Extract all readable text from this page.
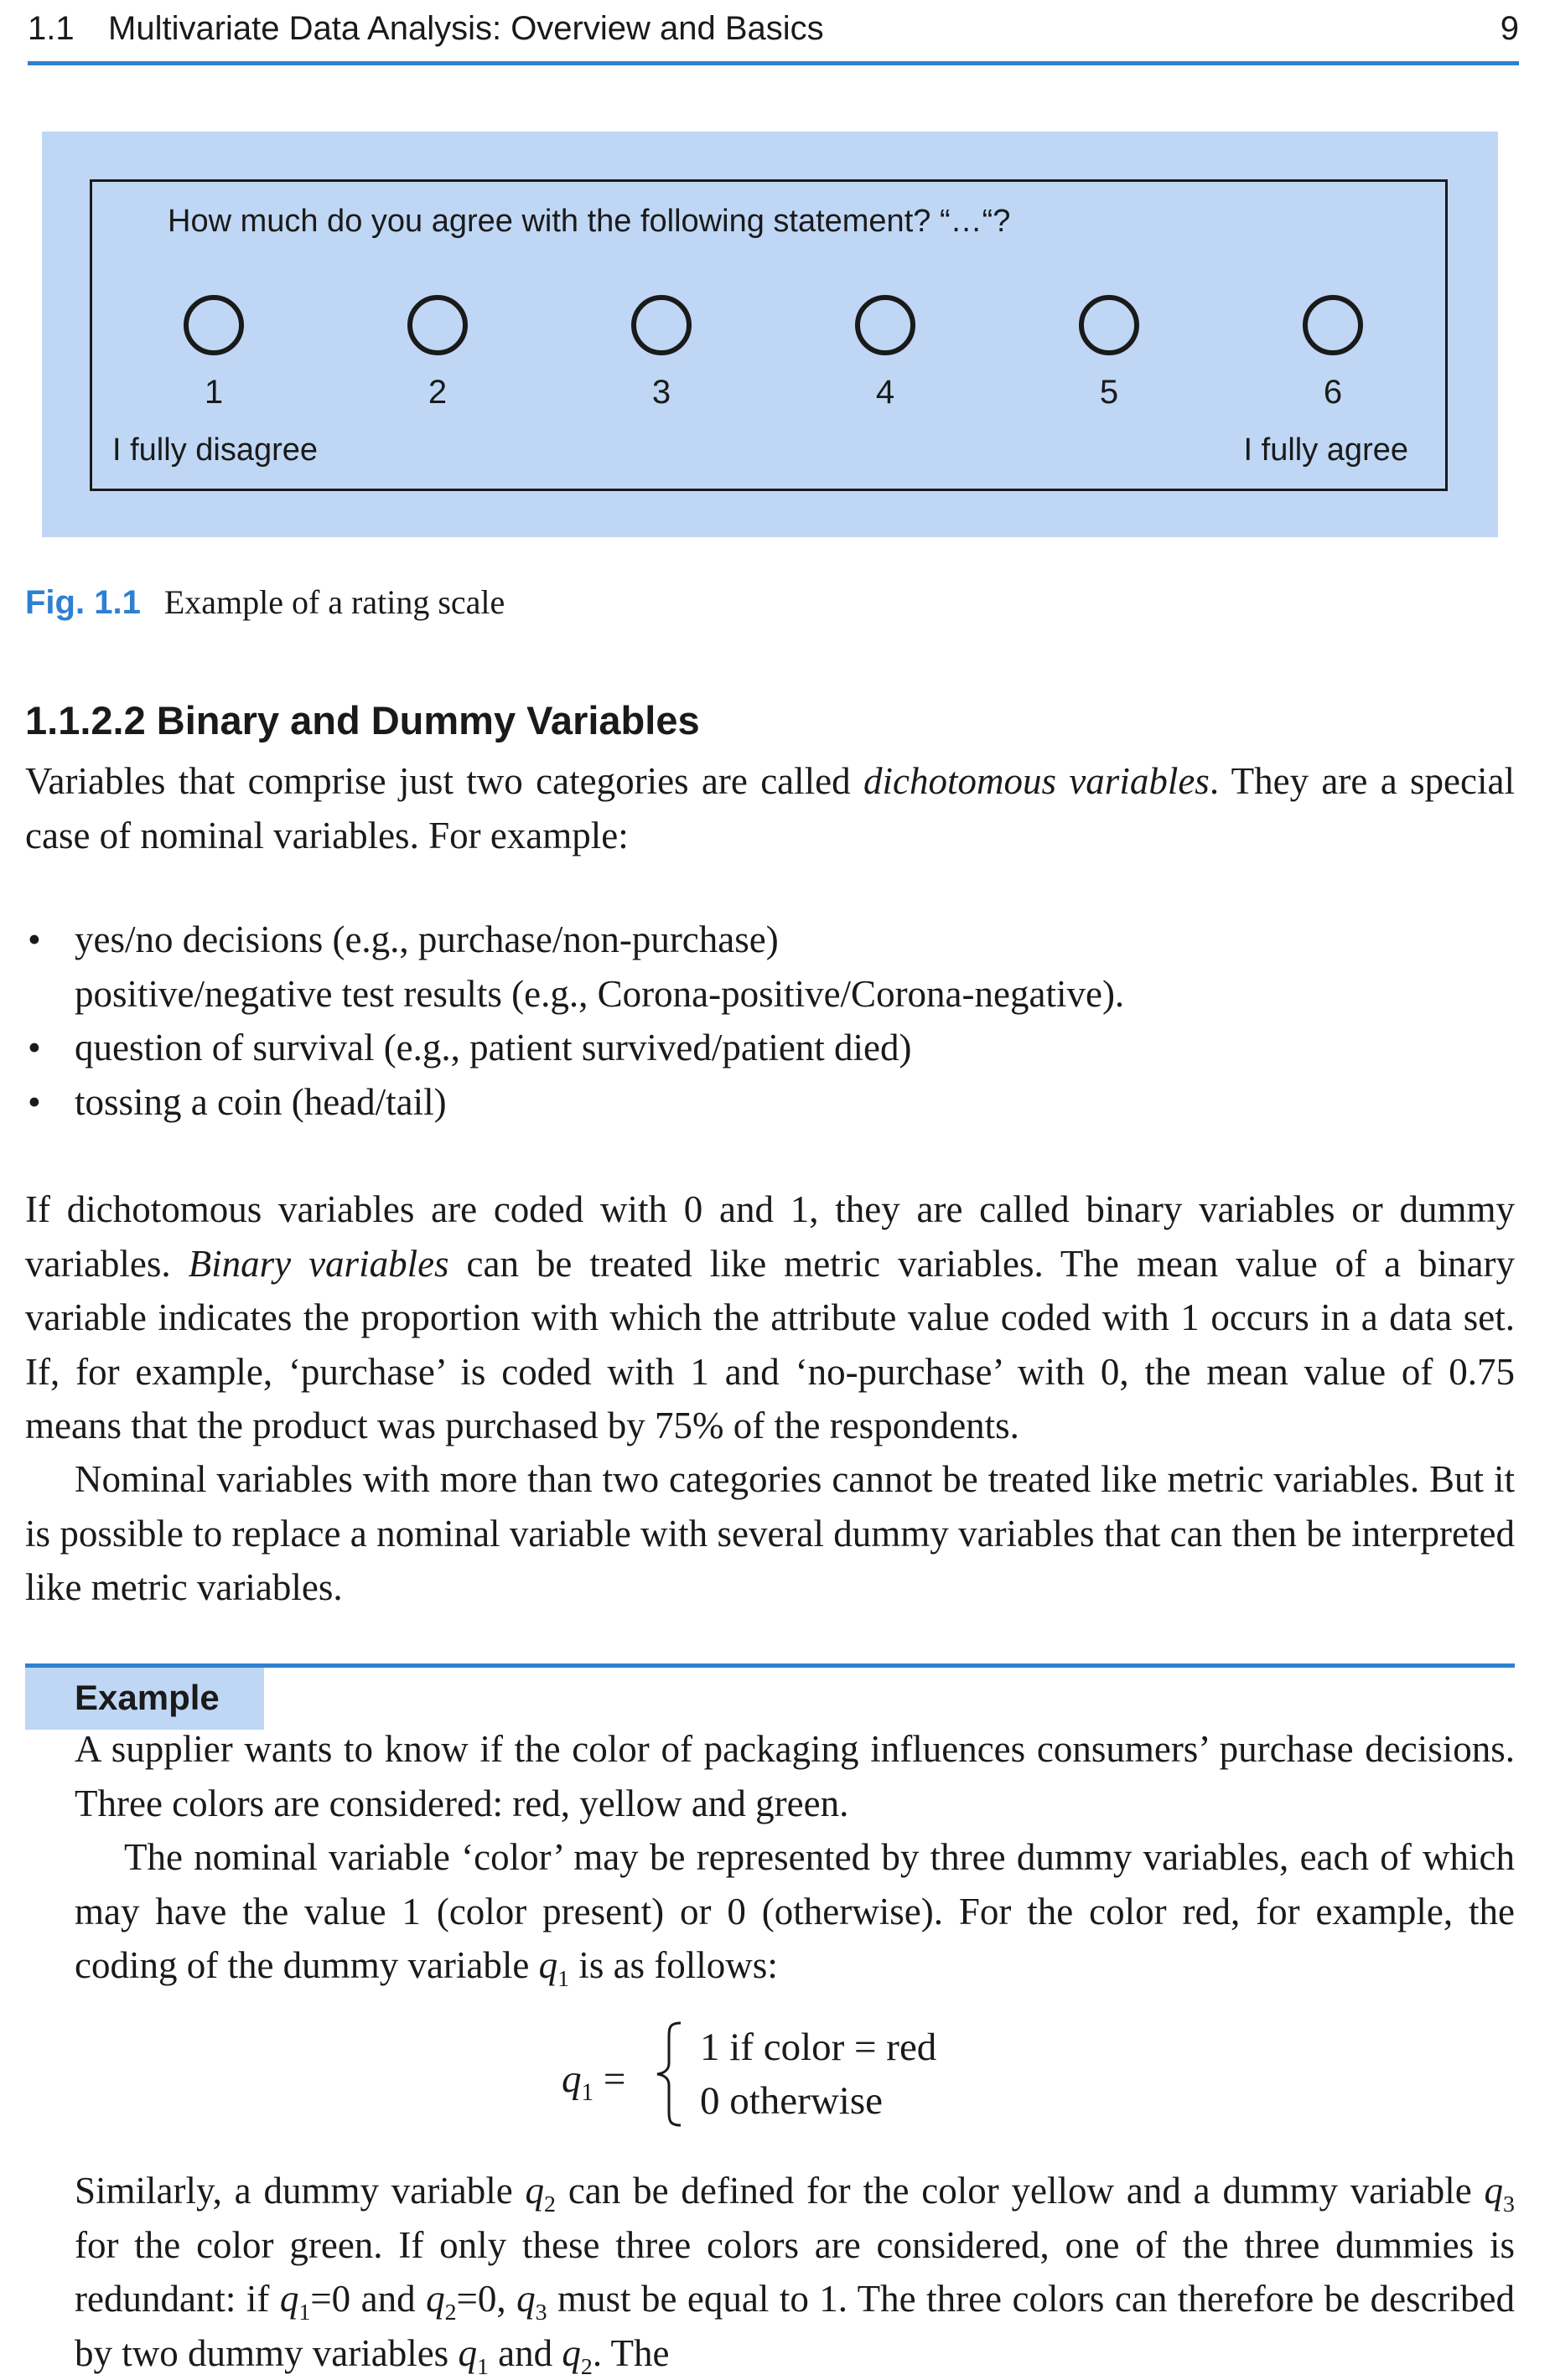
1.1 Multivariate Data Analysis: Overview and Basics	9
How much do you agree with the following statement? “…“?
1	2	3	4	5	6
I fully disagree	I fully agree
Fig. 1.1 Example of a rating scale
1.1.2.2 Binary and Dummy Variables

Variables that comprise just two categories are called dichotomous variables. They are a special case of nominal variables. For example:

• yes/no decisions (e.g., purchase/non-purchase)
positive/negative test results (e.g., Corona-positive/Corona-negative).
• question of survival (e.g., patient survived/patient died)
• tossing a coin (head/tail)

If dichotomous variables are coded with 0 and 1, they are called binary variables or dummy variables. Binary variables can be treated like metric variables. The mean value of a binary variable indicates the proportion with which the attribute value coded with 1 occurs in a data set. If, for example, ‘purchase’ is coded with 1 and ‘no-purchase’ with 0, the mean value of 0.75 means that the product was purchased by 75% of the respondents.

Nominal variables with more than two categories cannot be treated like metric variables. But it is possible to replace a nominal variable with several dummy variables that can then be interpreted like metric variables.

Example

A supplier wants to know if the color of packaging influences consumers’ purchase decisions. Three colors are considered: red, yellow and green.

The nominal variable ‘color’ may be represented by three dummy variables, each of which may have the value 1 (color present) or 0 (otherwise). For the color red, for example, the coding of the dummy variable $q_1$ is as follows:

$q_1$ =
1 if color = red
0 otherwise

Similarly, a dummy variable $q_2$ can be defined for the color yellow and a dummy variable $q_3$ for the color green. If only these three colors are considered, one of the three dummies is redundant: if $q_1=0$ and $q_2=0$, $q_3$ must be equal to 1. The three colors can therefore be described by two dummy variables $q_1$ and $q_2$. The
